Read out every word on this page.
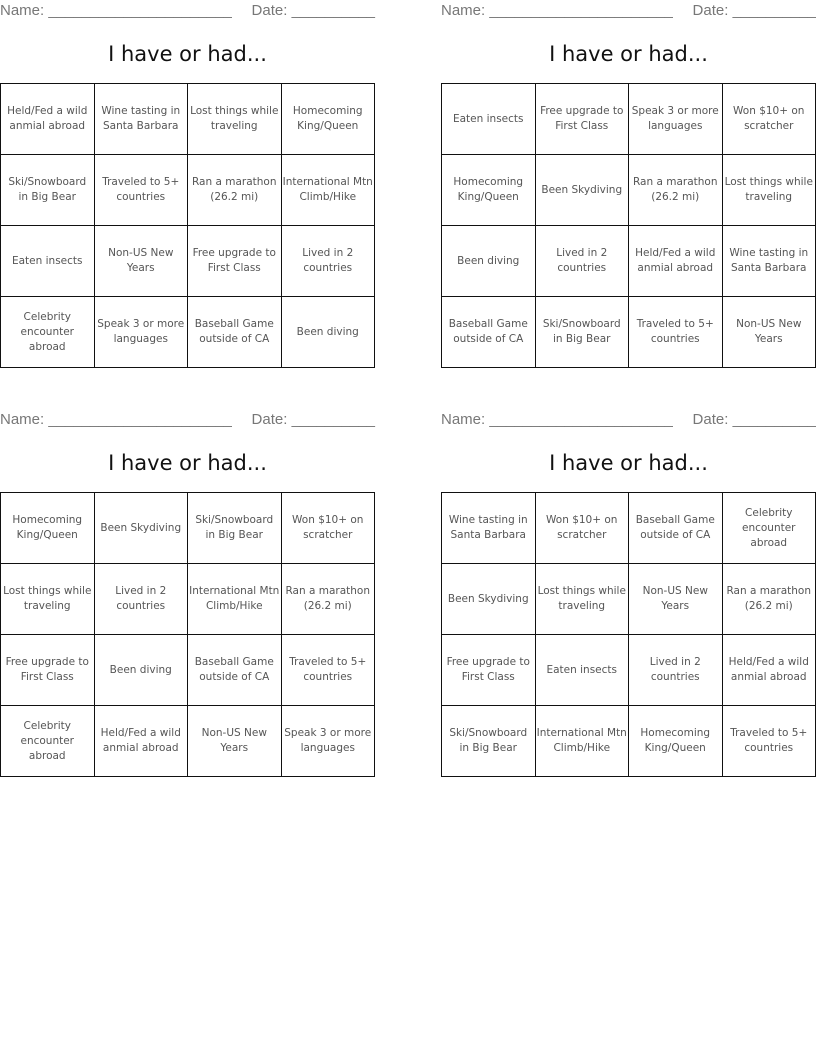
Name: ______________________ Date: __________
I have or had...
Held/Fed a wild anmial abroad	Wine tasting in Santa Barbara	Lost things while traveling	Homecoming King/Queen
Ski/Snowboard in Big Bear	Traveled to 5+ countries	Ran a marathon (26.2 mi)	International Mtn Climb/Hike
Eaten insects	Non-US New Years	Free upgrade to First Class	Lived in 2 countries
Celebrity encounter abroad	Speak 3 or more languages	Baseball Game outside of CA	Been diving
Name: ______________________ Date: __________
I have or had...
Eaten insects	Free upgrade to First Class	Speak 3 or more languages	Won $10+ on scratcher
Homecoming King/Queen	Been Skydiving	Ran a marathon (26.2 mi)	Lost things while traveling
Been diving	Lived in 2 countries	Held/Fed a wild anmial abroad	Wine tasting in Santa Barbara
Baseball Game outside of CA	Ski/Snowboard in Big Bear	Traveled to 5+ countries	Non-US New Years
Name: ______________________ Date: __________
I have or had...
Homecoming King/Queen	Been Skydiving	Ski/Snowboard in Big Bear	Won $10+ on scratcher
Lost things while traveling	Lived in 2 countries	International Mtn Climb/Hike	Ran a marathon (26.2 mi)
Free upgrade to First Class	Been diving	Baseball Game outside of CA	Traveled to 5+ countries
Celebrity encounter abroad	Held/Fed a wild anmial abroad	Non-US New Years	Speak 3 or more languages
Name: ______________________ Date: __________
I have or had...
Wine tasting in Santa Barbara	Won $10+ on scratcher	Baseball Game outside of CA	Celebrity encounter abroad
Been Skydiving	Lost things while traveling	Non-US New Years	Ran a marathon (26.2 mi)
Free upgrade to First Class	Eaten insects	Lived in 2 countries	Held/Fed a wild anmial abroad
Ski/Snowboard in Big Bear	International Mtn Climb/Hike	Homecoming King/Queen	Traveled to 5+ countries
